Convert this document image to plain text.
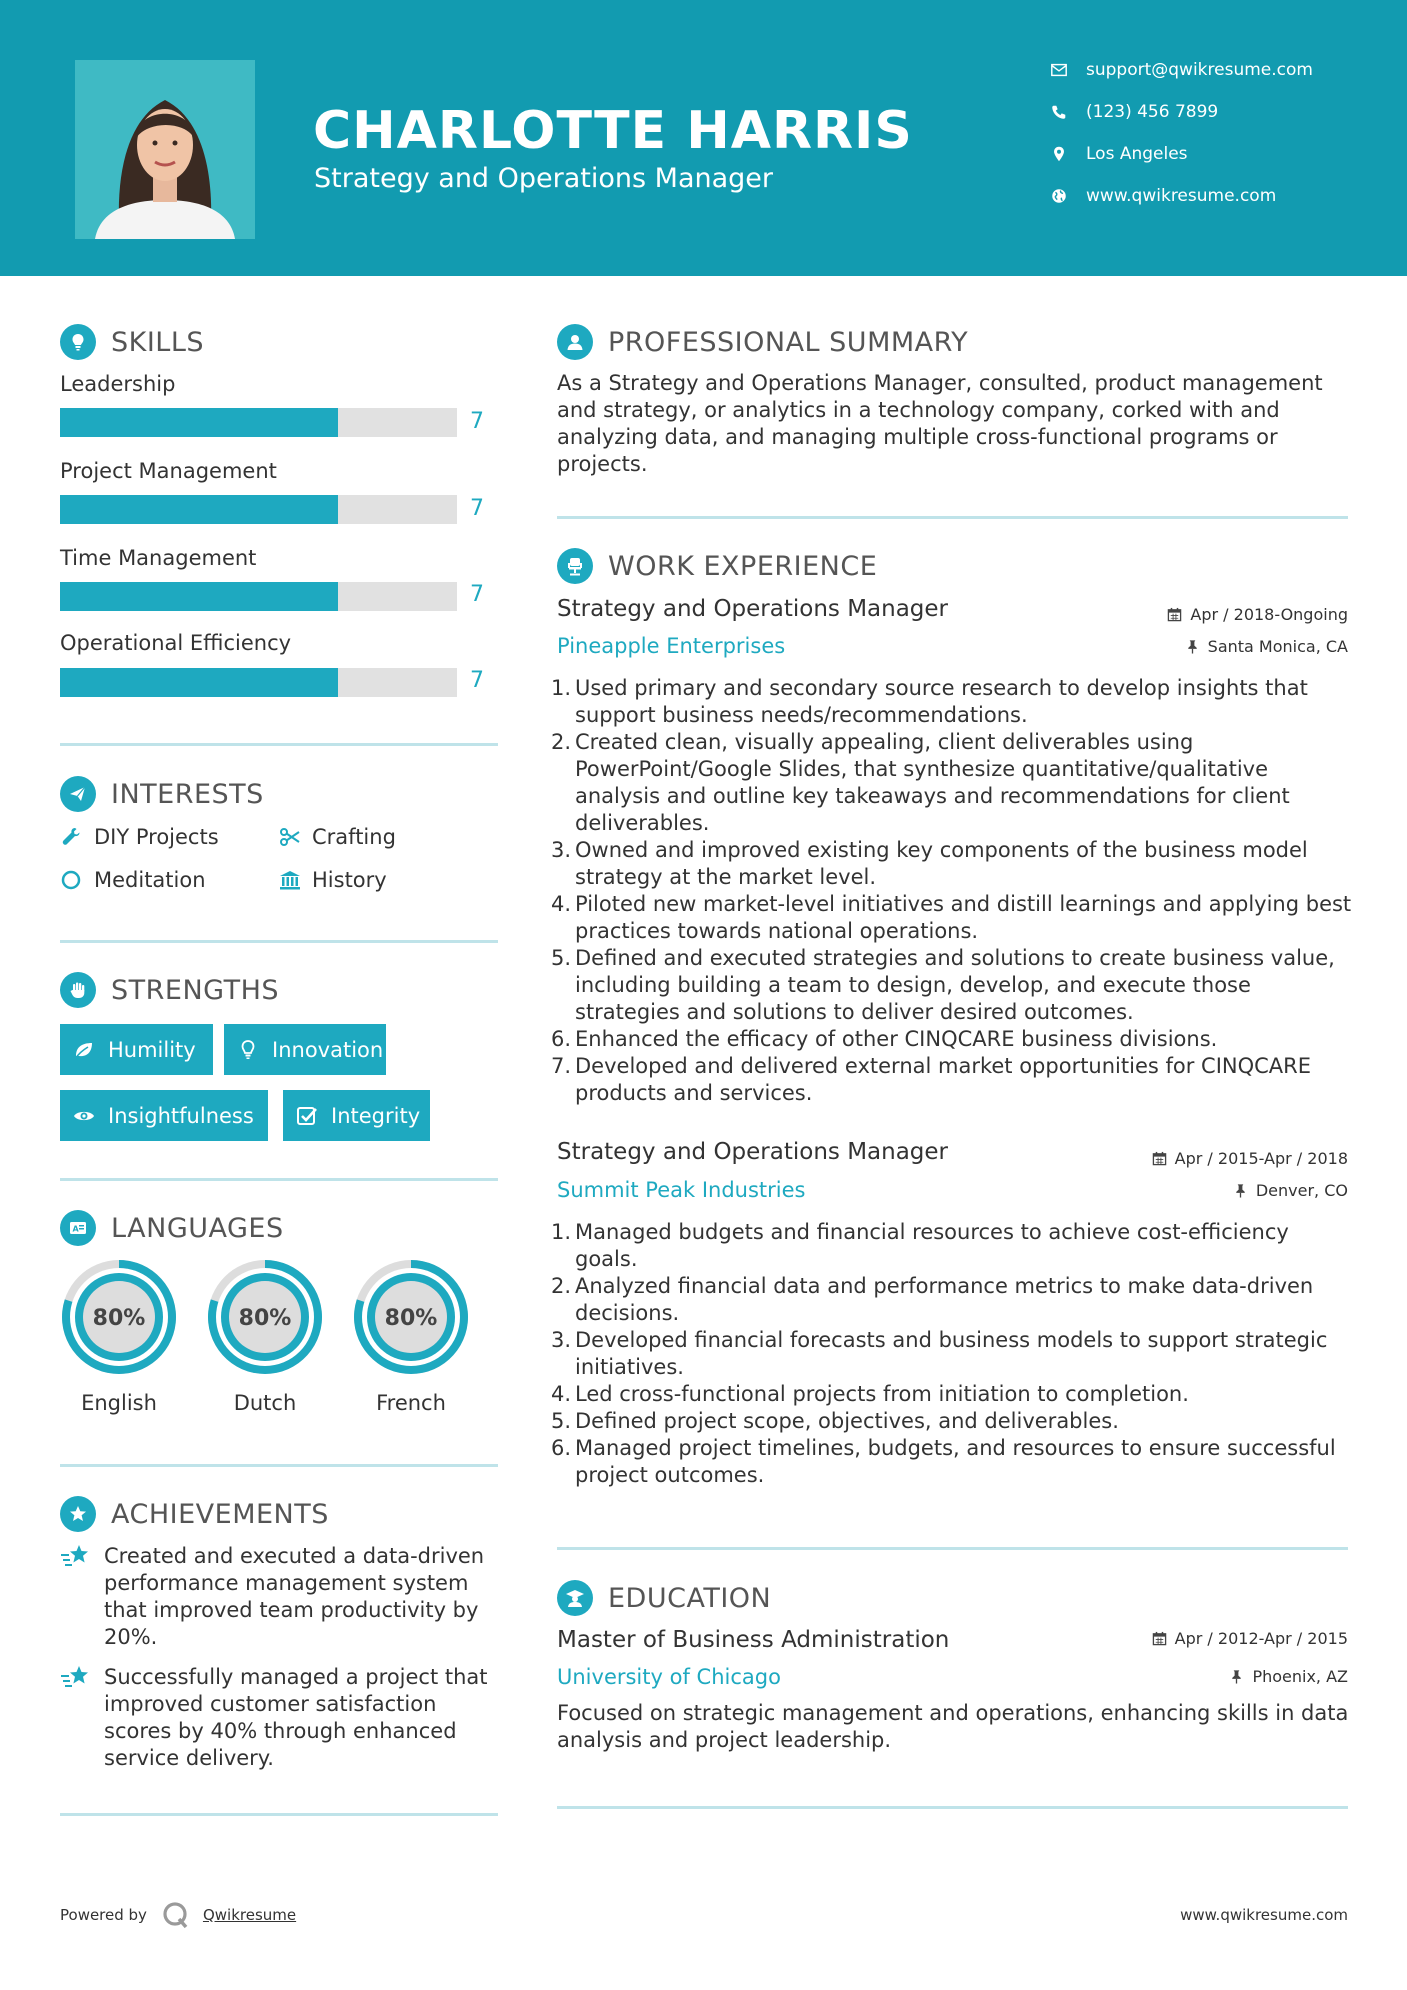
CHARLOTTE HARRIS
Strategy and Operations Manager
support@qwikresume.com
(123) 456 7899
Los Angeles
www.qwikresume.com
SKILLS
Leadership
7
Project Management
7
Time Management
7
Operational Efficiency
7
INTERESTS
DIY Projects	Crafting
Meditation	History
STRENGTHS
Humility	Innovation
Insightfulness	Integrity
A LANGUAGES
80%
English
80%
Dutch
80%
French
ACHIEVEMENTS
Created and executed a data-driven performance management system that improved team productivity by 20%.
Successfully managed a project that improved customer satisfaction scores by 40% through enhanced service delivery.
PROFESSIONAL SUMMARY
As a Strategy and Operations Manager, consulted, product management and strategy, or analytics in a technology company, corked with and analyzing data, and managing multiple cross-functional programs or projects.
WORK EXPERIENCE
Strategy and Operations Manager	Apr / 2018-Ongoing
Pineapple Enterprises	Santa Monica, CA
1. Used primary and secondary source research to develop insights that support business needs/recommendations.
2. Created clean, visually appealing, client deliverables using PowerPoint/Google Slides, that synthesize quantitative/qualitative analysis and outline key takeaways and recommendations for client deliverables.
3. Owned and improved existing key components of the business model strategy at the market level.
4. Piloted new market-level initiatives and distill learnings and applying best practices towards national operations.
5. Defined and executed strategies and solutions to create business value, including building a team to design, develop, and execute those strategies and solutions to deliver desired outcomes.
6. Enhanced the efficacy of other CINQCARE business divisions.
7. Developed and delivered external market opportunities for CINQCARE products and services.
Strategy and Operations Manager	Apr / 2015-Apr / 2018
Summit Peak Industries	Denver, CO
1. Managed budgets and financial resources to achieve cost-efficiency goals.
2. Analyzed financial data and performance metrics to make data-driven decisions.
3. Developed financial forecasts and business models to support strategic initiatives.
4. Led cross-functional projects from initiation to completion.
5. Defined project scope, objectives, and deliverables.
6. Managed project timelines, budgets, and resources to ensure successful project outcomes.
EDUCATION
Master of Business Administration	Apr / 2012-Apr / 2015
University of Chicago	Phoenix, AZ
Focused on strategic management and operations, enhancing skills in data analysis and project leadership.
Powered by	Qwikresume	www.qwikresume.com
